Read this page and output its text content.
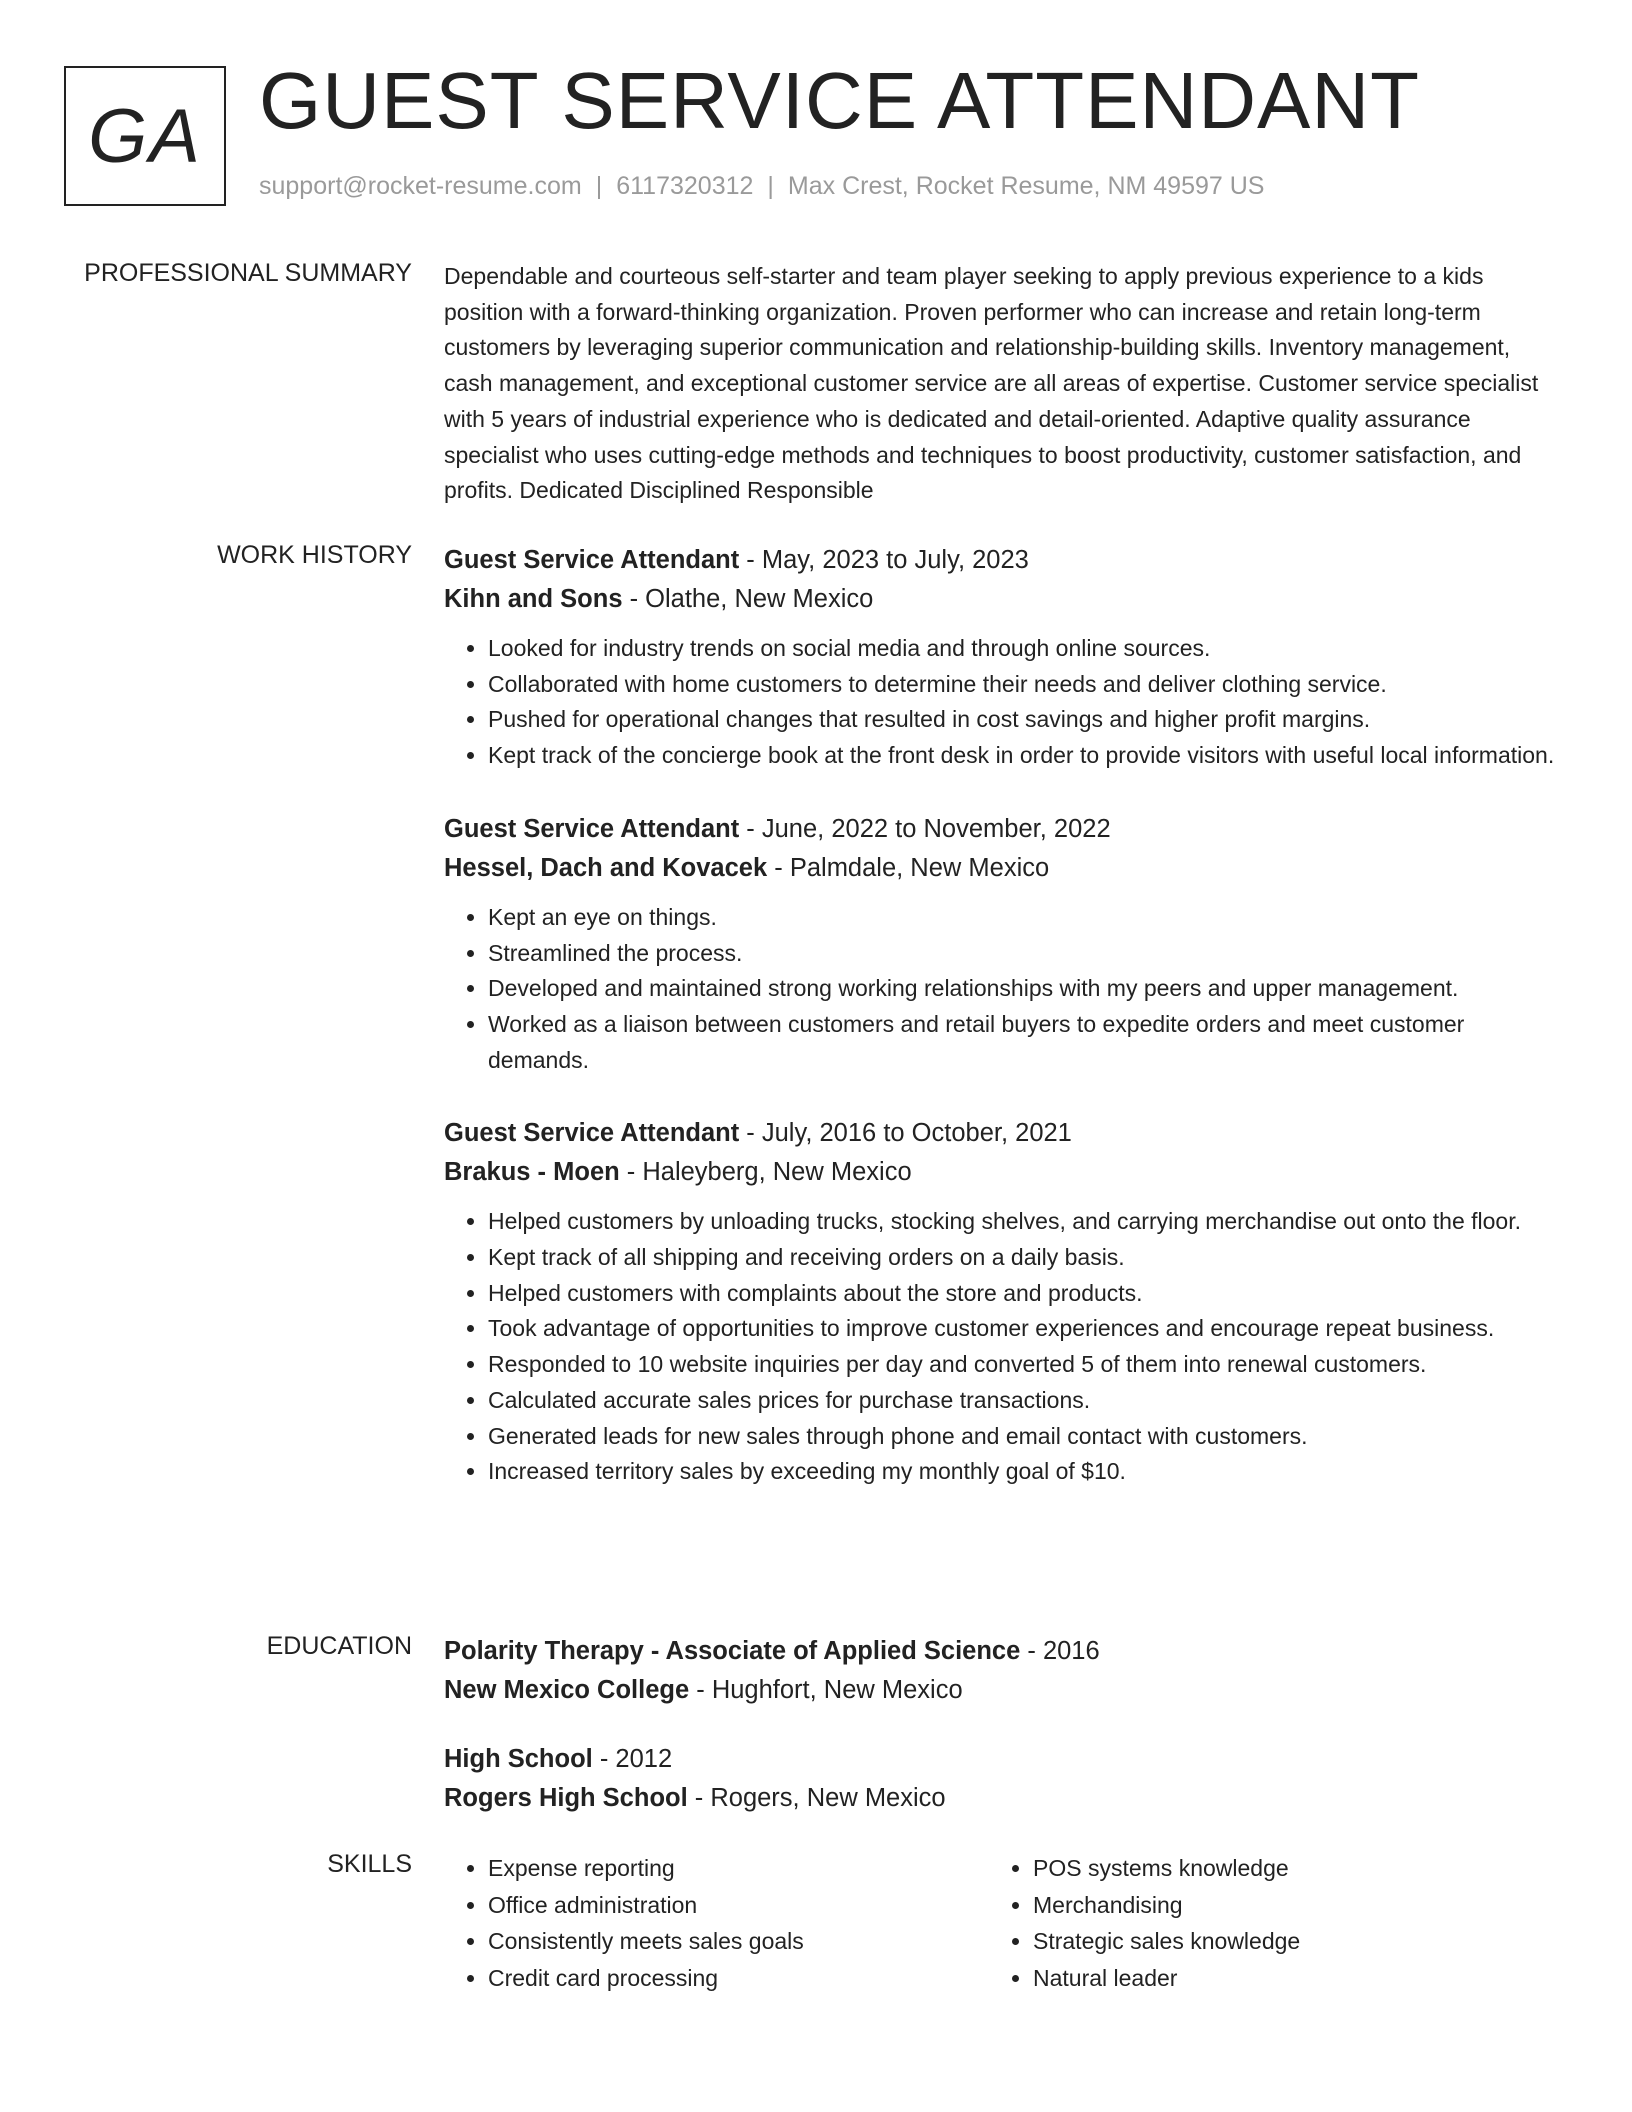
GA GUEST SERVICE ATTENDANT
support@rocket-resume.com | 6117320312 | Max Crest, Rocket Resume, NM 49597 US
PROFESSIONAL SUMMARY Dependable and courteous self-starter and team player seeking to apply previous experience to a kids position with a forward-thinking organization. Proven performer who can increase and retain long-term customers by leveraging superior communication and relationship-building skills. Inventory management, cash management, and exceptional customer service are all areas of expertise. Customer service specialist with 5 years of industrial experience who is dedicated and detail-oriented. Adaptive quality assurance specialist who uses cutting-edge methods and techniques to boost productivity, customer satisfaction, and profits. Dedicated Disciplined Responsible

WORK HISTORY Guest Service Attendant - May, 2023 to July, 2023
Kihn and Sons - Olathe, New Mexico
• Looked for industry trends on social media and through online sources.
• Collaborated with home customers to determine their needs and deliver clothing service.
• Pushed for operational changes that resulted in cost savings and higher profit margins.
• Kept track of the concierge book at the front desk in order to provide visitors with useful local information.
Guest Service Attendant - June, 2022 to November, 2022
Hessel, Dach and Kovacek - Palmdale, New Mexico
• Kept an eye on things.
• Streamlined the process.
• Developed and maintained strong working relationships with my peers and upper management.
• Worked as a liaison between customers and retail buyers to expedite orders and meet customer demands.
Guest Service Attendant - July, 2016 to October, 2021
Brakus - Moen - Haleyberg, New Mexico
• Helped customers by unloading trucks, stocking shelves, and carrying merchandise out onto the floor.
• Kept track of all shipping and receiving orders on a daily basis.
• Helped customers with complaints about the store and products.
• Took advantage of opportunities to improve customer experiences and encourage repeat business.
• Responded to 10 website inquiries per day and converted 5 of them into renewal customers.
• Calculated accurate sales prices for purchase transactions.
• Generated leads for new sales through phone and email contact with customers.
• Increased territory sales by exceeding my monthly goal of $10.
EDUCATION Polarity Therapy - Associate of Applied Science - 2016
New Mexico College - Hughfort, New Mexico
High School - 2012
Rogers High School - Rogers, New Mexico
SKILLS
•	Expense reporting
• Office administration
• Consistently meets sales goals
• Credit card processing
• POS systems knowledge
• Merchandising
• Strategic sales knowledge
• Natural leader
